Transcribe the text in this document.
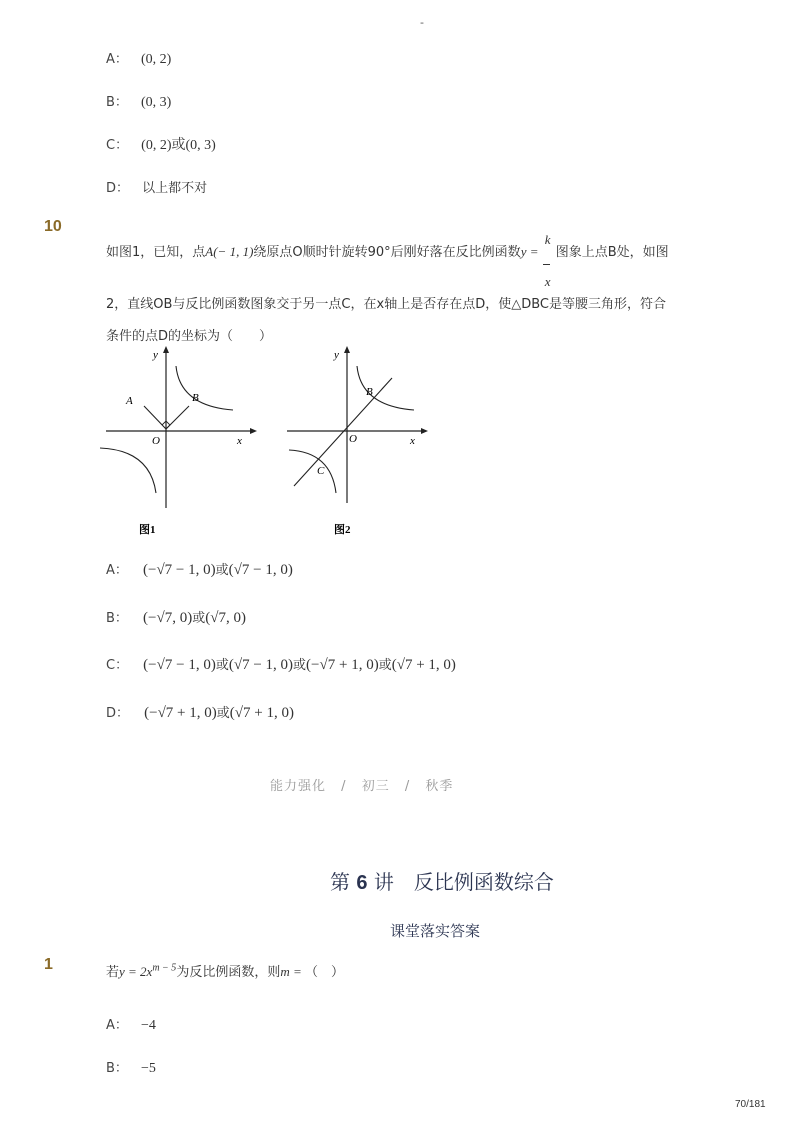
-
A： (0, 2)
B： (0, 3)
C： (0, 2)或(0, 3)
D： 以上都不对
10
如图1，已知，点A(− 1, 1)绕原点O顺时针旋转90°后刚好落在反比例函数y =
$\frac{k}{x}$
图象上点B处，如图
2，直线OB与反比例函数图象交于另一点C，在x轴上是否存在点D，使△DBC是等腰三角形，符合
条件的点D的坐标为（　　）
A	B
O	x
y
图1
B
C
O	x
y
图2
A： (−√7 − 1, 0)或(√7 − 1, 0)
B： (−√7, 0)或(√7, 0)
C： (−√7 − 1, 0)或(√7 − 1, 0)或(−√7 + 1, 0)或(√7 + 1, 0)
D： (−√7 + 1, 0)或(√7 + 1, 0)
能力强化 / 初三 / 秋季
第 6 讲　反比例函数综合
课堂落实答案
1	若$y = 2x^{m - 5}$为反比例函数，则m = （　）
A： −4
B： −5
70/181
